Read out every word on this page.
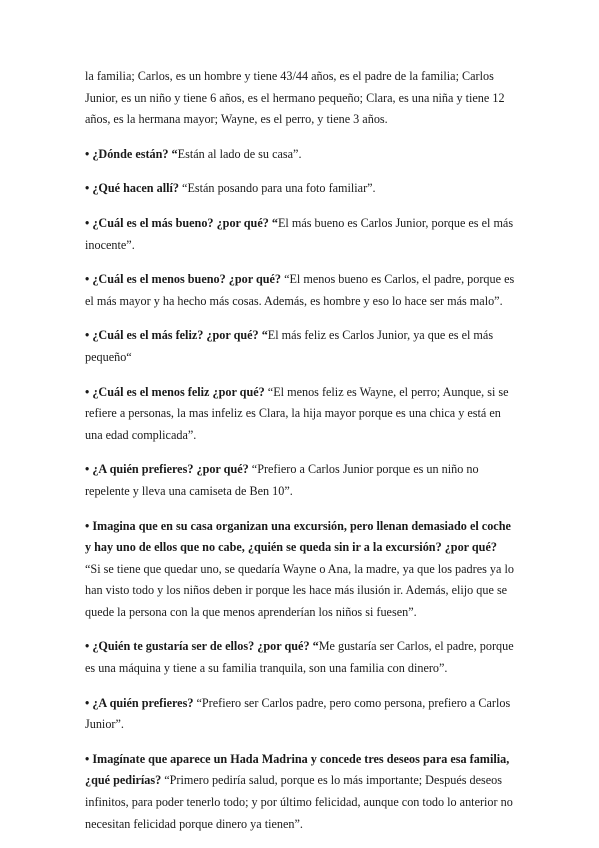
la familia; Carlos, es un hombre y tiene 43/44 años, es el padre de la familia; Carlos Junior, es un niño y tiene 6 años, es el hermano pequeño; Clara, es una niña y tiene 12 años, es la hermana mayor; Wayne, es el perro, y tiene 3 años.

• ¿Dónde están? “Están al lado de su casa”.

• ¿Qué hacen allí? “Están posando para una foto familiar”.

• ¿Cuál es el más bueno? ¿por qué? “El más bueno es Carlos Junior, porque es el más inocente”.

• ¿Cuál es el menos bueno? ¿por qué? “El menos bueno es Carlos, el padre, porque es el más mayor y ha hecho más cosas. Además, es hombre y eso lo hace ser más malo”.

• ¿Cuál es el más feliz? ¿por qué? “El más feliz es Carlos Junior, ya que es el más pequeño“

• ¿Cuál es el menos feliz ¿por qué? “El menos feliz es Wayne, el perro; Aunque, si se refiere a personas, la mas infeliz es Clara, la hija mayor porque es una chica y está en una edad complicada”.

• ¿A quién prefieres? ¿por qué? “Prefiero a Carlos Junior porque es un niño no repelente y lleva una camiseta de Ben 10”.

• Imagina que en su casa organizan una excursión, pero llenan demasiado el coche y hay uno de ellos que no cabe, ¿quién se queda sin ir a la excursión? ¿por qué? “Si se tiene que quedar uno, se quedaría Wayne o Ana, la madre, ya que los padres ya lo han visto todo y los niños deben ir porque les hace más ilusión ir. Además, elijo que se quede la persona con la que menos aprenderían los niños si fuesen”.

• ¿Quién te gustaría ser de ellos? ¿por qué? “Me gustaría ser Carlos, el padre, porque es una máquina y tiene a su familia tranquila, son una familia con dinero”.

• ¿A quién prefieres? “Prefiero ser Carlos padre, pero como persona, prefiero a Carlos Junior”.

• Imagínate que aparece un Hada Madrina y concede tres deseos para esa familia, ¿qué pedirías? “Primero pediría salud, porque es lo más importante; Después deseos infinitos, para poder tenerlo todo; y por último felicidad, aunque con todo lo anterior no necesitan felicidad porque dinero ya tienen”.
